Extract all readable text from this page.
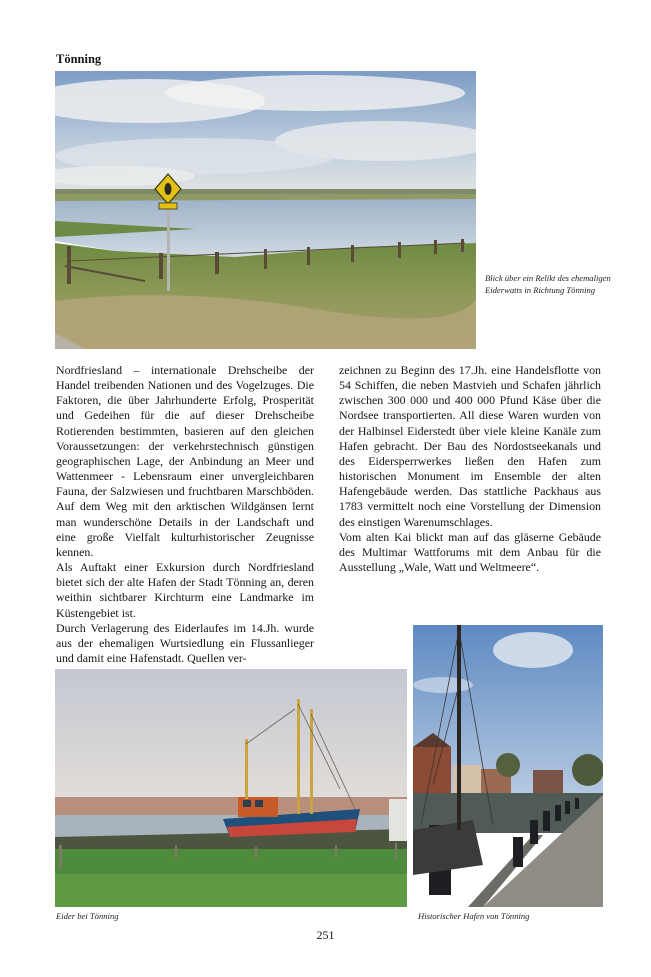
Tönning
Blick über ein Relikt des ehemaligen Eiderwatts in Richtung Tönning

Nordfriesland – internationale Drehscheibe der Handel treibenden Nationen und des Vogelzuges. Die Faktoren, die über Jahrhunderte Erfolg, Prosperität und Gedeihen für die auf dieser Drehscheibe Rotierenden bestimmten, basieren auf den gleichen Voraussetzungen: der verkehrstechnisch günstigen geographischen Lage, der Anbindung an Meer und Wattenmeer - Lebensraum einer unvergleichbaren Fauna, der Salzwiesen und fruchtbaren Marschböden. Auf dem Weg mit den arktischen Wildgänsen lernt man wunderschöne Details in der Landschaft und eine große Vielfalt kulturhistorischer Zeugnisse kennen.

Als Auftakt einer Exkursion durch Nordfriesland bietet sich der alte Hafen der Stadt Tönning an, deren weithin sichtbarer Kirchturm eine Landmarke im Küstengebiet ist.

Durch Verlagerung des Eiderlaufes im 14.Jh. wurde aus der ehemaligen Wurtsiedlung ein Flussanlieger und damit eine Hafenstadt. Quellen ver-

zeichnen zu Beginn des 17.Jh. eine Handelsflotte von 54 Schiffen, die neben Mastvieh und Schafen jährlich zwischen 300 000 und 400 000 Pfund Käse über die Nordsee transportierten. All diese Waren wurden von der Halbinsel Eiderstedt über viele kleine Kanäle zum Hafen gebracht. Der Bau des Nordostseekanals und des Eidersperrwerkes ließen den Hafen zum historischen Monument im Ensemble der alten Hafengebäude werden. Das stattliche Packhaus aus 1783 vermittelt noch eine Vorstellung der Dimension des einstigen Warenumschlages.

Vom alten Kai blickt man auf das gläserne Gebäude des Multimar Wattforums mit dem Anbau für die Ausstellung „Wale, Watt und Weltmeere“.

Eider bei Tönning	Historischer Hafen von Tönning
251
